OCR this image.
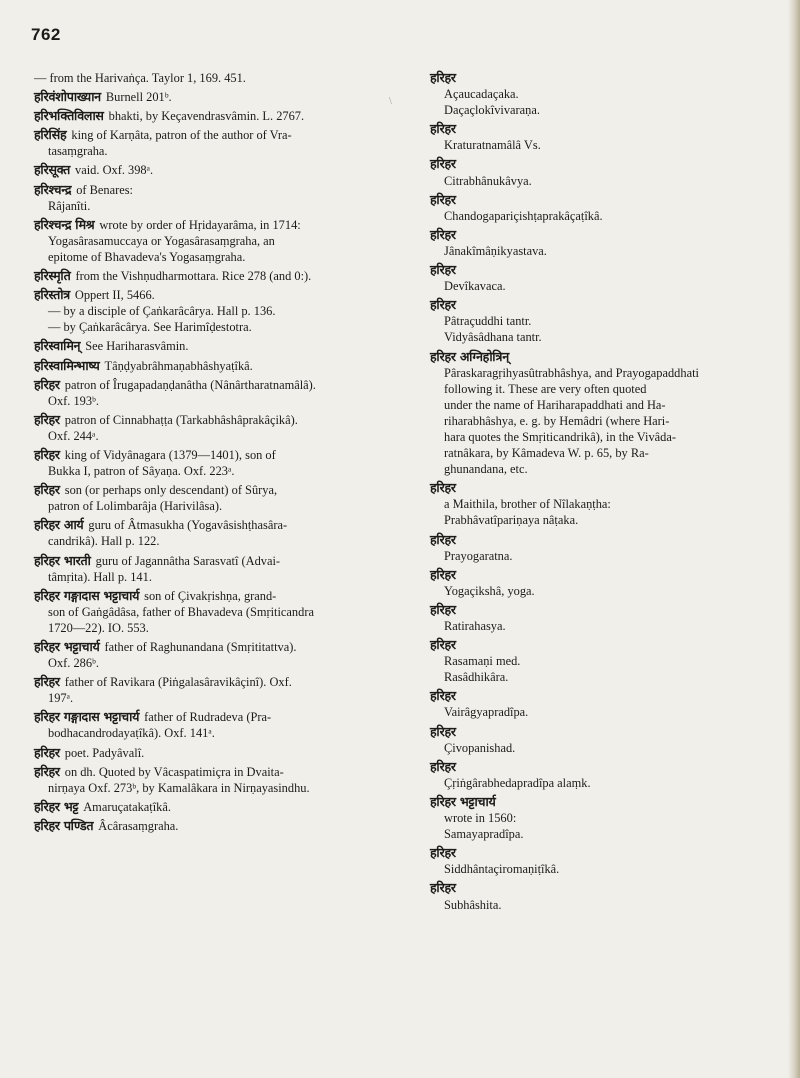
762
— from the Harivaṅça. Taylor 1, 169. 451.
हरिवंशोपाख्यान Burnell 201ᵇ.
हरिभक्तिविलास bhakti, by Keçavendrasvâmin. L. 2767.
हरिसिंह king of Karṇâta, patron of the author of Vra-
tasaṃgraha.
हरिसूक्त vaid. Oxf. 398ᵃ.
हरिश्चन्द्र of Benares:
Râjanîti.
हरिश्चन्द्र मिश्र wrote by order of Hṛidayarâma, in 1714:
Yogasârasamuccaya or Yogasârasaṃgraha, an
epitome of Bhavadeva's Yogasaṃgraha.
हरिस्मृति from the Vishṇudharmottara. Rice 278 (and 0:).
हरिस्तोत्र Oppert II, 5466.
— by a disciple of Çaṅkarâcârya. Hall p. 136.
— by Çaṅkarâcârya. See Harimîḍestotra.
हरिस्वामिन् See Hariharasvâmin.
हरिस्वामिन्भाष्य Tâṇḍyabrâhmaṇabhâshyaṭîkâ.
हरिहर patron of Îrugapadaṇḍanâtha (Nânârtharatnamâlâ).
Oxf. 193ᵇ.
हरिहर patron of Cinnabhaṭṭa (Tarkabhâshâprakâçikâ).
Oxf. 244ᵃ.
हरिहर king of Vidyânagara (1379—1401), son of
Bukka I, patron of Sâyaṇa. Oxf. 223ᵃ.
हरिहर son (or perhaps only descendant) of Sûrya,
patron of Lolimbarâja (Harivilâsa).
हरिहर आर्य guru of Âtmasukha (Yogavâsishṭhasâra-
candrikâ). Hall p. 122.
हरिहर भारती guru of Jagannâtha Sarasvatî (Advai-
tâmṛita). Hall p. 141.
हरिहर गङ्गादास भट्टाचार्य son of Çivakṛishṇa, grand-
son of Gaṅgâdâsa, father of Bhavadeva (Smṛiticandra
1720—22). IO. 553.
हरिहर भट्टाचार्य father of Raghunandana (Smṛititattva).
Oxf. 286ᵇ.
हरिहर father of Ravikara (Piṅgalasâravikâçinî). Oxf.
197ᵃ.
हरिहर गङ्गादास भट्टाचार्य father of Rudradeva (Pra-
bodhacandrodayaṭîkâ). Oxf. 141ᵃ.
हरिहर poet. Padyâvalî.
हरिहर on dh. Quoted by Vâcaspatimiçra in Dvaita-
nirṇaya Oxf. 273ᵇ, by Kamalâkara in Nirṇayasindhu.
हरिहर भट्ट Amaruçatakaṭîkâ.
हरिहर पण्डित Âcârasaṃgraha.
हरिहर
Açaucadaçaka.
Daçaçlokîvivaraṇa.
हरिहर
Kraturatnamâlâ Vs.
हरिहर
Citrabhânukâvya.
हरिहर
Chandogapariçishṭaprakâçaṭîkâ.
हरिहर
Jânakîmâṇikyastava.
हरिहर
Devîkavaca.
हरिहर
Pâtraçuddhi tantr.
Vidyâsâdhana tantr.
हरिहर अग्निहोत्रिन्
Pâraskaragṛihyasûtrabhâshya, and Prayogapaddhati
following it. These are very often quoted
under the name of Hariharapaddhati and Ha-
riharabhâshya, e. g. by Hemâdri (where Hari-
hara quotes the Smṛiticandrikâ), in the Vivâda-
ratnâkara, by Kâmadeva W. p. 65, by Ra-
ghunandana, etc.
हरिहर
a Maithila, brother of Nîlakaṇṭha:
Prabhâvatîpariṇaya nâṭaka.
हरिहर
Prayogaratna.
हरिहर
Yogaçikshâ, yoga.
हरिहर
Ratirahasya.
हरिहर
Rasamaṇi med.
Rasâdhikâra.
हरिहर
Vairâgyapradîpa.
हरिहर
Çivopanishad.
हरिहर
Çṛiṅgârabhedapradîpa alaṃk.
हरिहर भट्टाचार्य
wrote in 1560:
Samayapradîpa.
हरिहर
Siddhântaçiromaṇiṭîkâ.
हरिहर
Subhâshita.
\
